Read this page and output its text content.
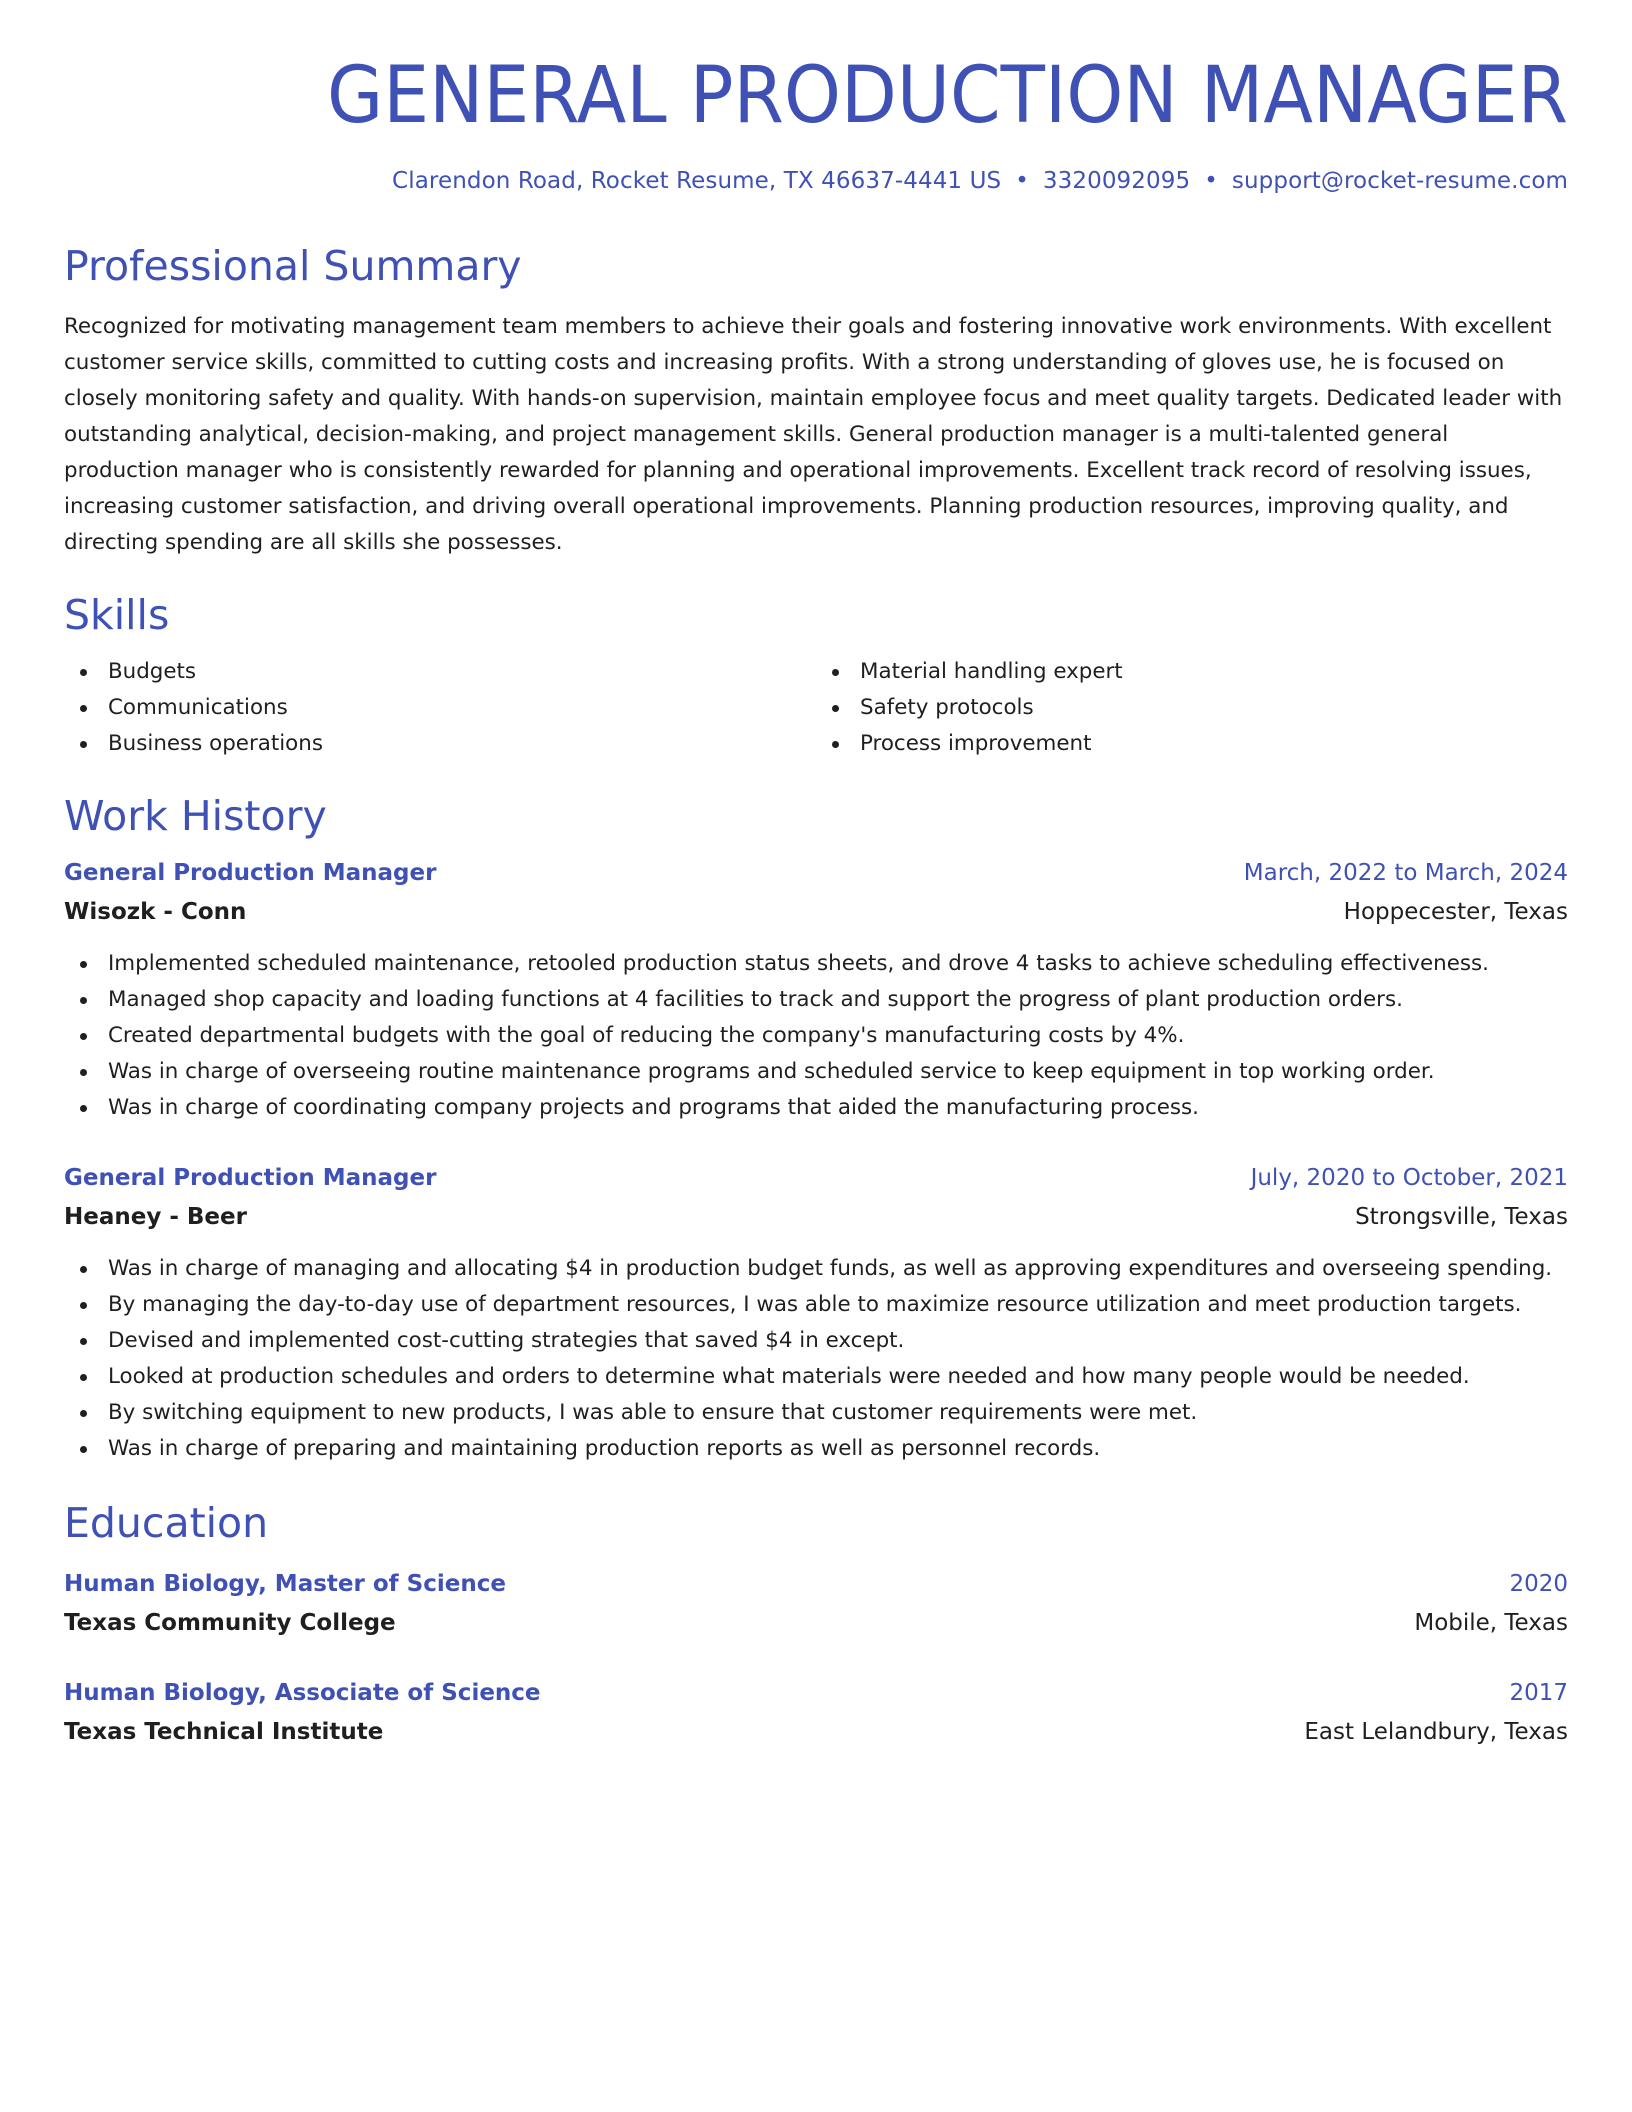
GENERAL PRODUCTION MANAGER
Clarendon Road, Rocket Resume, TX 46637-4441 US • 3320092095 • support@rocket-resume.com
Professional Summary
Recognized for motivating management team members to achieve their goals and fostering innovative work environments. With excellent customer service skills, committed to cutting costs and increasing profits. With a strong understanding of gloves use, he is focused on closely monitoring safety and quality. With hands-on supervision, maintain employee focus and meet quality targets. Dedicated leader with outstanding analytical, decision-making, and project management skills. General production manager is a multi-talented general production manager who is consistently rewarded for planning and operational improvements. Excellent track record of resolving issues, increasing customer satisfaction, and driving overall operational improvements. Planning production resources, improving quality, and directing spending are all skills she possesses.
Skills
Budgets
Communications
Business operations
Material handling expert
Safety protocols
Process improvement
Work History
General Production Manager	March, 2022 to March, 2024
Wisozk - Conn	Hoppecester, Texas
Implemented scheduled maintenance, retooled production status sheets, and drove 4 tasks to achieve scheduling effectiveness.
Managed shop capacity and loading functions at 4 facilities to track and support the progress of plant production orders.
Created departmental budgets with the goal of reducing the company's manufacturing costs by 4%.
Was in charge of overseeing routine maintenance programs and scheduled service to keep equipment in top working order.
Was in charge of coordinating company projects and programs that aided the manufacturing process.
General Production Manager	July, 2020 to October, 2021
Heaney - Beer	Strongsville, Texas
Was in charge of managing and allocating $4 in production budget funds, as well as approving expenditures and overseeing spending.
By managing the day-to-day use of department resources, I was able to maximize resource utilization and meet production targets.
Devised and implemented cost-cutting strategies that saved $4 in except.
Looked at production schedules and orders to determine what materials were needed and how many people would be needed.
By switching equipment to new products, I was able to ensure that customer requirements were met.
Was in charge of preparing and maintaining production reports as well as personnel records.
Education
Human Biology, Master of Science	2020
Texas Community College	Mobile, Texas
Human Biology, Associate of Science	2017
Texas Technical Institute	East Lelandbury, Texas
